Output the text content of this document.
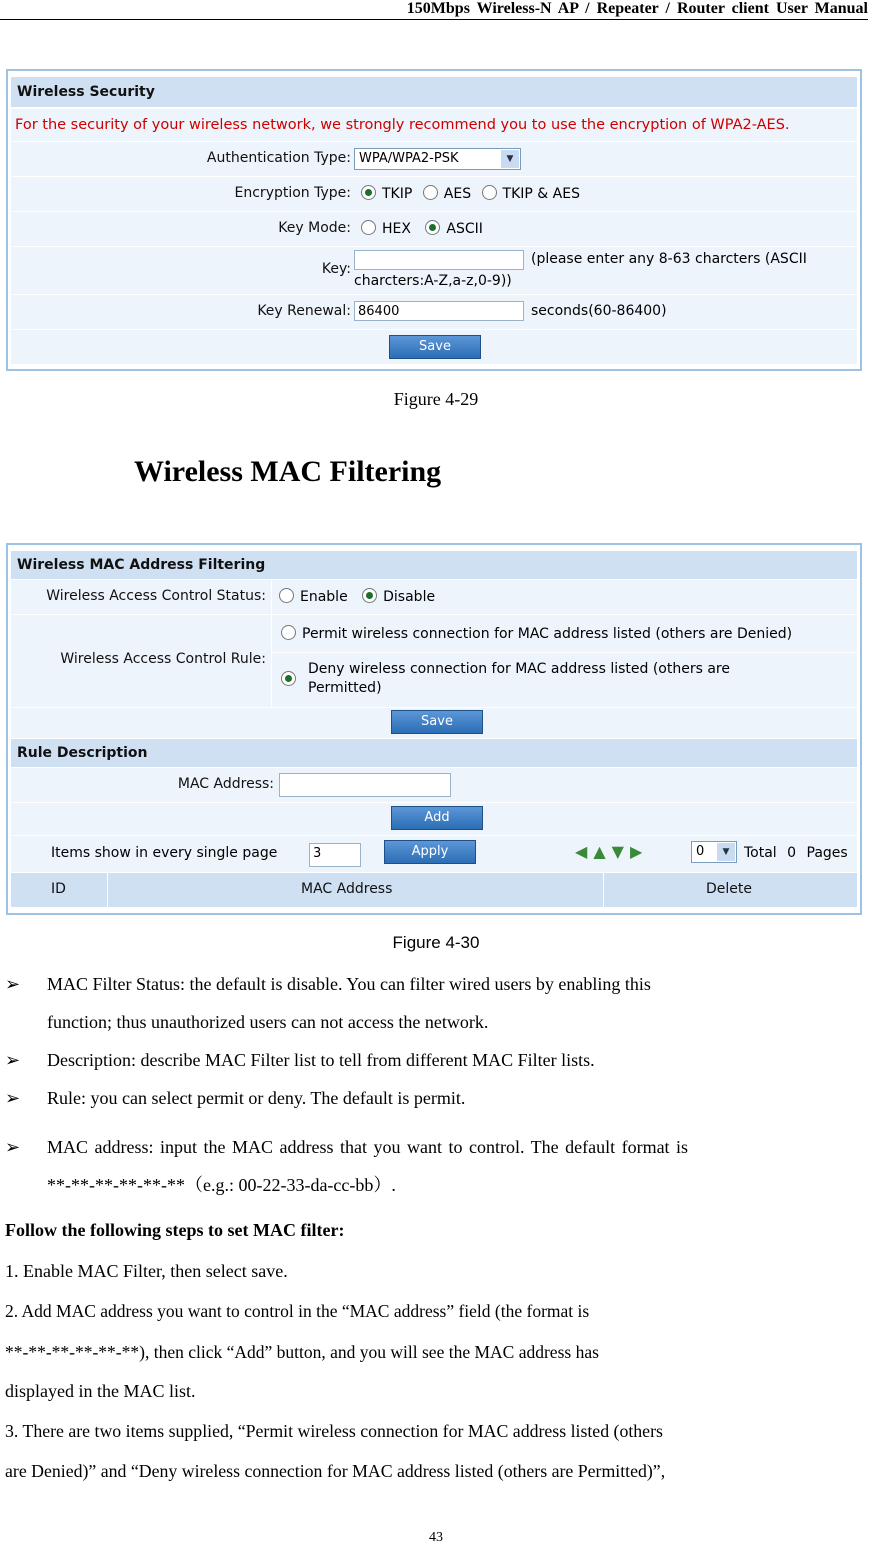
150Mbps Wireless-N AP / Repeater / Router client User Manual
Wireless Security
For the security of your wireless network, we strongly recommend you to use the encryption of WPA2-AES.
Authentication Type: WPA/WPA2-PSK	▼
Encryption Type:	TKIP AES TKIP & AES
Key Mode:	HEX	ASCII
Key:
(please enter any 8-63 charcters (ASCII
charcters:A-Z,a-z,0-9))
Key Renewal: 86400	seconds(60-86400)
Save
Figure 4-29
Wireless MAC Filtering
Wireless MAC Address Filtering
Wireless Access Control Status:	Enable	Disable
Wireless Access Control Rule:
Permit wireless connection for MAC address listed (others are Denied)
Deny wireless connection for MAC address listed (others are
Permitted)
Save
Rule Description
MAC Address:
Add
Items show in every single page	3	Apply	◀▲▼▶	0	▼	Total 0 Pages
ID	MAC Address	Delete
Figure 4-30
➢ MAC Filter Status: the default is disable. You can filter wired users by enabling this
function; thus unauthorized users can not access the network.
➢ Description: describe MAC Filter list to tell from different MAC Filter lists.
➢ Rule: you can select permit or deny. The default is permit.
➢ MAC address: input the MAC address that you want to control. The default format is
**-**-**-**-**-**（e.g.: 00-22-33-da-cc-bb）.
Follow the following steps to set MAC filter:
1. Enable MAC Filter, then select save.
2. Add MAC address you want to control in the “MAC address” field (the format is
**-**-**-**-**-**), then click “Add” button, and you will see the MAC address has
displayed in the MAC list.
3. There are two items supplied, “Permit wireless connection for MAC address listed (others
are Denied)” and “Deny wireless connection for MAC address listed (others are Permitted)”,
43
